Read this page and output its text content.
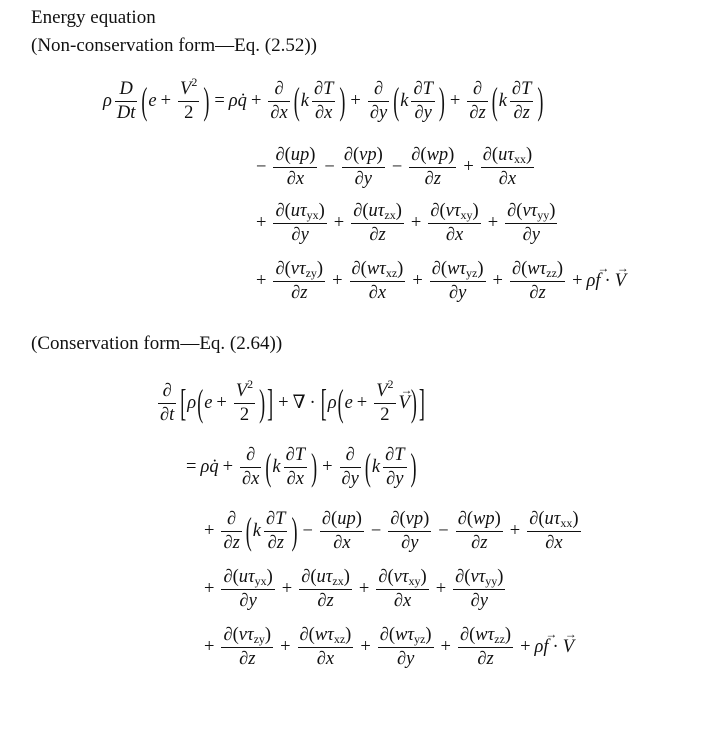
Energy equation
(Non-conservation form—Eq. (2.52))
ρ $\frac{D}{Dt} (e + \frac{V^2}{2}$ ) = ρq̇ +
∂
∂x ($k \frac{\partial T}{\partial x}$ ) +
∂
∂y ($k \frac{\partial T}{\partial y}$ ) +
∂
∂z ($k \frac{\partial T}{\partial z}$ )
− $\frac{\partial(up)}{\partial x} - \frac{\partial(vp)}{\partial y} - \frac{\partial(wp)}{\partial z}$ +
$\partial(u\tau_{xx})$
∂x
+
$\partial(u\tau_{yx})$
∂y
+
$\partial(u\tau_{zx})$
∂z
+
$\partial(v\tau_{xy})$
∂x
+
$\partial(v\tau_{yy})$
∂y
+
$\partial(v\tau_{zy})$
∂z
+
$\partial(w\tau_{xz})$
∂x
+
$\partial(w\tau_{yz})$
∂y
+
$\partial(w\tau_{zz})$
∂z
+ ρ→ f ·→ V
(Conservation form—Eq. (2.64))
∂
∂t [$\rho(e + \frac{V^2}{2}$ ) ] + ∇ · [$\rho(e + \frac{V^2}{2}$
→ V) ]
= ρq̇ +
∂
∂x ($k \frac{\partial T}{\partial x}$ ) +
∂
∂y ($k \frac{\partial T}{\partial y}$ )
+
∂
∂z ($k \frac{\partial T}{\partial z}$ ) − $\frac{\partial(up)}{\partial x} - \frac{\partial(vp)}{\partial y} - \frac{\partial(wp)}{\partial z}$ +
$\partial(u\tau_{xx})$
∂x
+
$\partial(u\tau_{yx})$
∂y
+
$\partial(u\tau_{zx})$
∂z
+
$\partial(v\tau_{xy})$
∂x
+
$\partial(v\tau_{yy})$
∂y
+
$\partial(v\tau_{zy})$
∂z
+
$\partial(w\tau_{xz})$
∂x
+
$\partial(w\tau_{yz})$
∂y
+
$\partial(w\tau_{zz})$
∂z
+ ρ→ f ·→ V
